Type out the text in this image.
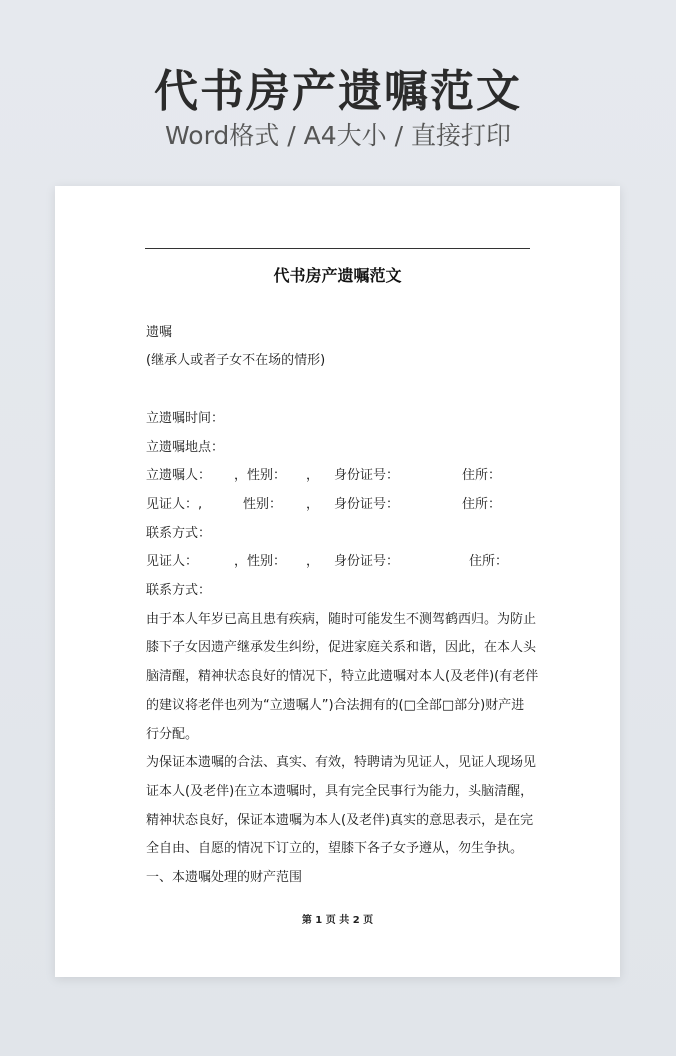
代书房产遗嘱范文

Word格式 / A4大小 / 直接打印

代书房产遗嘱范文
遗嘱
(继承人或者子女不在场的情形)
立遗嘱时间：
立遗嘱地点：
立遗嘱人： ，性别： ， 身份证号：	住所：
见证人：,	性别： ， 身份证号：	住所：
联系方式：
见证人：	，性别： ， 身份证号：	住所：
联系方式：
由于本人年岁已高且患有疾病，随时可能发生不测驾鹤西归。为防止
膝下子女因遗产继承发生纠纷，促进家庭关系和谐，因此，在本人头
脑清醒，精神状态良好的情况下，特立此遗嘱对本人(及老伴)(有老伴
的建议将老伴也列为“立遗嘱人”)合法拥有的(□全部□部分)财产进
行分配。
为保证本遗嘱的合法、真实、有效，特聘请为见证人，见证人现场见
证本人(及老伴)在立本遗嘱时，具有完全民事行为能力，头脑清醒，
精神状态良好，保证本遗嘱为本人(及老伴)真实的意思表示，是在完
全自由、自愿的情况下订立的，望膝下各子女予遵从，勿生争执。
一、本遗嘱处理的财产范围
第 1 页 共 2 页
